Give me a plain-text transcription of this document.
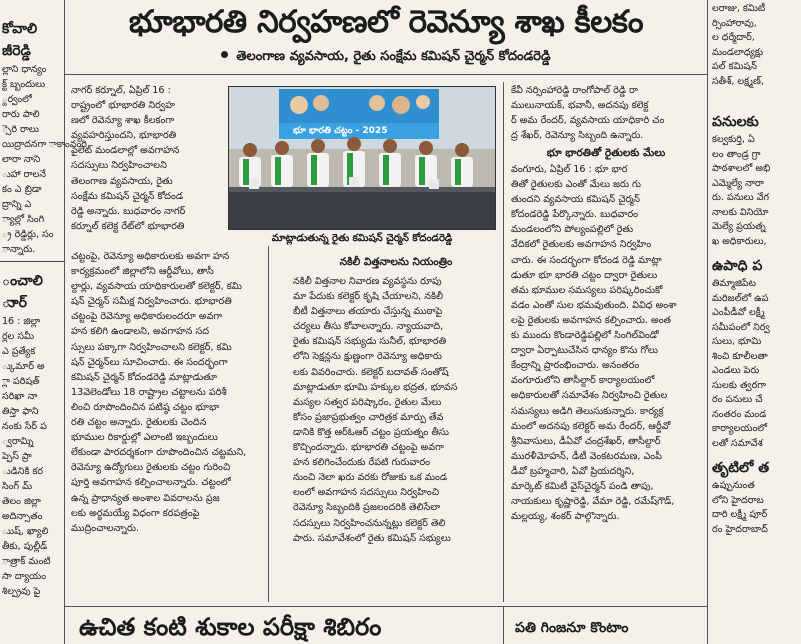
కోవాలి
జీరెడ్డి
ల్లాని ధాన్యం
క్ట్ బ్బందులు
్దర్వంలో
రారు పాలి
్సెరి రాలు
యిద్రాదనగా ాకాంనంరి
లారా నాని
ుహా రాలనే
కం ఎ బ్రిడా
ద్రాన్ని ఎ
్యాల్లో సింగి
్ర రెడ్డిర్లు, సం
ాన్నారు.
ంచాలి
ుార్
16 : జిల్లా
ర్లల సమీ
ఎ ప్రత్యేక
్కుమార్ అ
్లా పరిషత్
సరిఖా నా
తిస్తా ఫాని
నంకు సేర్ ప
్వరామ్ని
ప్పెస్ ప్రా
ుడినికి కర
సింగ్ మ్
తెలం జిల్లా
అదిన్సాతం
ుుష్, ఖ్యాలి
తీకు, పుల్లీడ్
ాత్రాక్ మంటి
సా ద్యాయం
శిల్ప్రవు పై
భూభారతి నిర్వహణలో రెవెన్యూ శాఖ కీలకం
తెలంగాణ వ్యవసాయ, రైతు సంక్షేమ కమిషన్ చైర్మన్ కోదండరెడ్డి
నాగర్‌ కర్నూల్‌, ఏప్రిల్‌ 16 :
రాష్ట్రంలో భూభారతి నిర్వహ
ణలో రెవెన్యూ శాఖ కీలకంగా
వ్యవహరిస్తుందని, భూభారతి
పైలెట్‌ మండలాల్లో అవగాహన
సదస్సులు నిర్వహించాలని
తెలంగాణ వ్యవసాయ, రైతు
సంక్షేమ కమిషన్‌ చైర్మన్‌ కోదండ
రెడ్డి అన్నారు. బుధవారం నాగర్
కర్నూల్‌ కలెక్ట రేట్‌లో భూభారతి
భూ భారతి చట్టం - 2025
మాట్లాడుతున్న రైతు కమిషన్‌ చైర్మన్‌ కోదండరెడ్డి
చట్టంపై, రెవెన్యూ అధికారులకు అవగా హన
కార్యక్రమంలో జిల్లాలోని ఆర్డీవోలు, తాసీ
ల్దార్లు, వ్యవసాయ యాధికారులతో కలెక్టర్‌, కమి
షన్‌ చైర్మన్‌ సమీక్ష నిర్వహించారు. భూభారతి
చట్టంపై రెవెన్యూ అధికారులందరూ అవగా
హన కలిగి ఉండాలని, అవగాహన సద
స్సులు పక్కాగా నిర్వహించాలని కలెక్టర్‌, కమి
షన్‌ చైర్మన్‌లు సూచించారు. ఈ సందర్భంగా
కమిషన్‌ చైర్మన్‌ కోదండరెడ్డి మాట్లాడుతూ
13వెలెండోలు 18 రాష్ట్రాల చట్టాలను పరిశీ
లించి రూపొందించిన పటిష్ఠ చట్టం భూభా
రతి చట్టం అన్నారు. రైతులకు చెందిన
భూముల రికార్డుల్లో ఎలాంటి ఇబ్బందులు
లేకుండా పారదర్శకంగా రూపొందించిన చట్టమని,
రెవెన్యూ ఉద్యోగులు రైతులకు చట్టం గురించి
పూర్తి అవగాహన కల్పించాలన్నారు. చట్టంలో
ఉన్న ప్రాధాన్యత అంశాల వివరాలను ప్రజ
లకు అర్థమయ్యే విధంగా కరపత్రంపై
ముద్రించాలన్నారు.
నకిలీ విత్తనాలను నియంత్రిం
నకిలీ విత్తనాల నివారణ వ్యవస్థను రూపు
మా పేదుకు కలెక్టర్‌ కృషి చేయాలని, నకిలీ
బీటీ విత్తనాలు తయారు చేస్తున్న ముఠాపై
చర్యలు తీసు కోవాలన్నారు. న్యాయవాది,
రైతు కమిషన్‌ సభ్యుడు సునీల్‌, భూభారతి
లోని సెక్షన్లను క్షుణ్ణంగా రెవెన్యూ అధికారు
లకు వివరించారు. కలెక్టర్‌ బదావత్‌ సంతోష్‌
మాట్లాడుతూ భూమి హక్కుల భద్రత, భూవస
మస్యల సత్వర పరిష్కారం, రైతుల మేలు
కోసం ప్రజాప్రభుత్వం చారిత్రక మార్పు తేవ
డానికి కొత్త ఆర్‌ఓఆర్‌ చట్టం ప్రయత్నం తీసు
కొచ్చిందన్నారు. భూభారతి చట్టంపై అవగా
హన కలిగించేందుకు రేపటి గురువారం
నుంచి నెలా ఖరు వరకు రోజుకు ఒక మండ
లంలో అవగాహన సదస్సులు నిర్వహించి
రెవెన్యూ సిబ్బందికి ప్రజలందరికి తెలిసేలా
సదస్సులు నిర్వహించనున్నట్లు కలెక్టర్‌ తెలి
పారు. సమావేశంలో రైతు కమిషన్‌ సభ్యులు
కేవీ నర్సింహారెడ్డి రాంగోపాల్‌ రెడ్డి రా
ములునాయక్‌, భవానీ, అదనపు కలెక్ట
ర్‌ అమ రేందర్‌, వ్యవసాయ యాధికారి చం
ద్ర శేఖర్‌, రెవెన్యూ సిబ్బంది ఉన్నారు.
భూ భారతితో రైతులకు మేలు
వంగూరు, ఏప్రిల్‌ 16 : భూ భార
తితో రైతులకు ఎంతో మేలు జరు గు
తుందని వ్యవసాయ కమిషన్‌ చైర్మన్‌
కోదండరెడ్డి పేర్కొన్నారు. బుధవారం
మండలంలోని పోల్యంపల్లిలో రైతు
వేదికలో రైతులకు అవగాహన నిర్వహిం
చారు. ఈ సందర్భంగా కోదండ రెడ్డి మాట్లా
డుతూ భూ భారతి చట్టం ద్వారా రైతులు
తమ భూముల సమస్యలు పరిష్కరించుకో
వడం ఎంతో సుల భమవుతుంది. వివిధ అంశా
లపై రైతులకు అవగాహన కల్పించారు. అంత
కు ముందు కొండారెడ్డిపల్లిలో సింగిల్‌విండో
ద్వారా ఏర్పాటుచేసిన ధాన్యం కొను గోలు
కేంద్రాన్ని ప్రారంభించారు. అనంతరం
వంగూరులోని తాసీల్దార్‌ కార్యాలయంలో
అధికారులతో సమావేశం నిర్వహించి రైతుల
సమస్యలు అడిగి తెలుసుకున్నారు. కార్యక్ర
మంలో అదనపు కలెక్టర్‌ అమ రేందర్‌, ఆర్డీవో
శ్రీనివాసులు, డీఏవో చంద్రశేఖర్‌, తాసీల్దార్‌
మురళీమోహన్‌, డీటీ వెంకటరమణ, ఎంపీ
డీవో బ్రహ్మచారి, ఏవో ప్రియదర్శిని,
మార్కెట్‌ కమిటీ వైస్‌చైర్మన్‌ పండి తాపు,
నాయకులు కృష్ణారెడ్డి, వేమా రెడ్డి, రమేష్‌గౌడ్‌,
మల్లయ్య, శంకర్‌ పాల్గొన్నారు.
ఉచిత కంటి శుకాల పరీక్షా శిబిరం	పతి గింజనూ కొంటాం
లరాజు, కమిటీ
ర్సింహారావు,
ల ధర్మేదార్‌,
మండలాధ్యక్షు
పల్‌ కమిషన్‌
సతీశ్‌, లక్ష్మణ్‌,
పనులకు
కల్వకుర్తి, ఏ
లం తాండ్ర గ్రా
పాఠశాలలో అభి
ఎమ్మెల్యే నారా
రు. పనులు వేగ
నాలకు వినియో
మెల్యే ప్రయత్న
ఖ అధికారులు,
ఉపాధి ప
తిమ్మాజిపేట
మరిజల్‌లో ఉప
ఎంపీడీవో లక్ష్మీ
సమీపంలో నిర్వ
సులు, భూమి
శించి కూలీలతా
ఎండలు పెరు
సులకు త్వరగా
రం పనులు చే
నంతరం మండ
కార్యాలయంలో
లతో సమావేశ
తృటిలో త
ఉప్పునుంత
లోని హైదరాబ
దారి లక్ష్మీ పూర్‌
రం హైదరాబాద్‌
